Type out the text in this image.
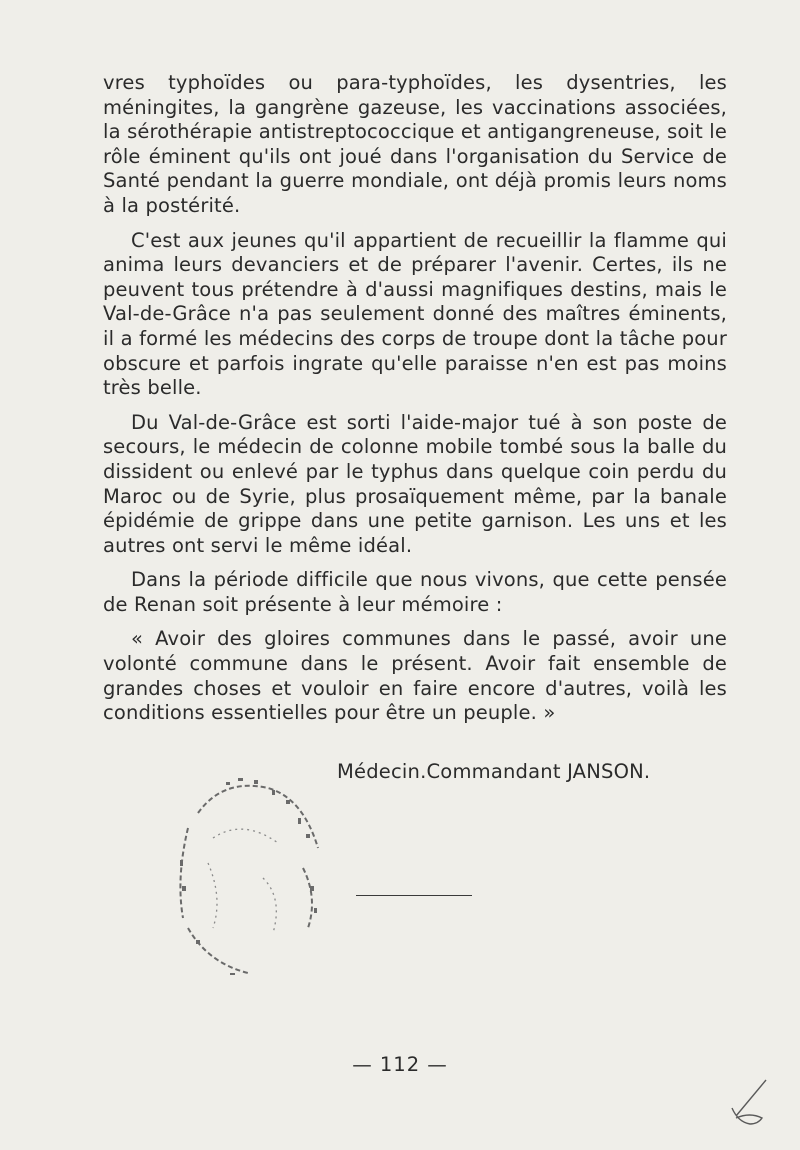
vres typhoïdes ou para-typhoïdes, les dysentries, les méningites, la gangrène gazeuse, les vaccinations associées, la sérothérapie antistreptococcique et antigangreneuse, soit le rôle éminent qu'ils ont joué dans l'organisation du Service de Santé pendant la guerre mondiale, ont déjà promis leurs noms à la postérité.

C'est aux jeunes qu'il appartient de recueillir la flamme qui anima leurs devanciers et de préparer l'avenir. Certes, ils ne peuvent tous prétendre à d'aussi magnifiques destins, mais le Val-de-Grâce n'a pas seulement donné des maîtres éminents, il a formé les médecins des corps de troupe dont la tâche pour obscure et parfois ingrate qu'elle paraisse n'en est pas moins très belle.

Du Val-de-Grâce est sorti l'aide-major tué à son poste de secours, le médecin de colonne mobile tombé sous la balle du dissident ou enlevé par le typhus dans quelque coin perdu du Maroc ou de Syrie, plus prosaïquement même, par la banale épidémie de grippe dans une petite garnison. Les uns et les autres ont servi le même idéal.

Dans la période difficile que nous vivons, que cette pensée de Renan soit présente à leur mémoire :

« Avoir des gloires communes dans le passé, avoir une volonté commune dans le présent. Avoir fait ensemble de grandes choses et vouloir en faire encore d'autres, voilà les conditions essentielles pour être un peuple. »

Médecin.Commandant JANSON.
— 112 —
